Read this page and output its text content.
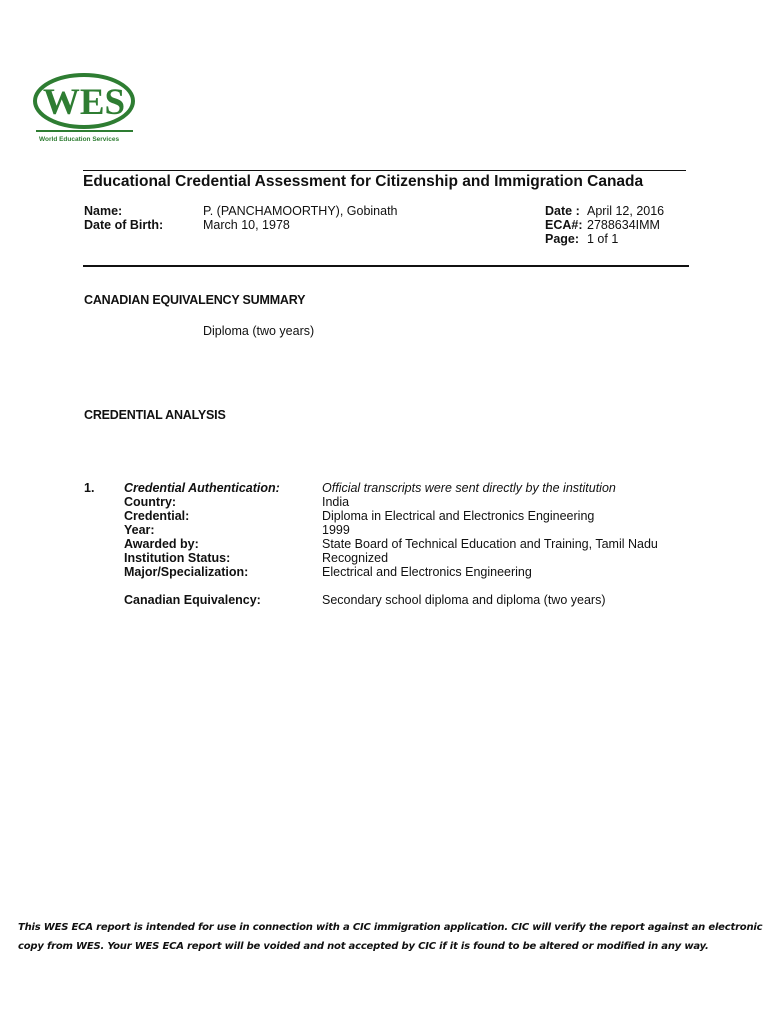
WES
World Education Services
Educational Credential Assessment for Citizenship and Immigration Canada
Name:	P. (PANCHAMOORTHY), Gobinath
Date of Birth:	March 10, 1978
Date : April 12, 2016
ECA#: 2788634IMM
Page: 1 of 1
CANADIAN EQUIVALENCY SUMMARY
Diploma (two years)
CREDENTIAL ANALYSIS
1. Credential Authentication:	Official transcripts were sent directly by the institution
Country:	India
Credential:	Diploma in Electrical and Electronics Engineering
Year:	1999
Awarded by:	State Board of Technical Education and Training, Tamil Nadu
Institution Status:	Recognized
Major/Specialization:	Electrical and Electronics Engineering
Canadian Equivalency:	Secondary school diploma and diploma (two years)
This WES ECA report is intended for use in connection with a CIC immigration application. CIC will verify the report against an electronic copy from WES. Your WES ECA report will be voided and not accepted by CIC if it is found to be altered or modified in any way.
